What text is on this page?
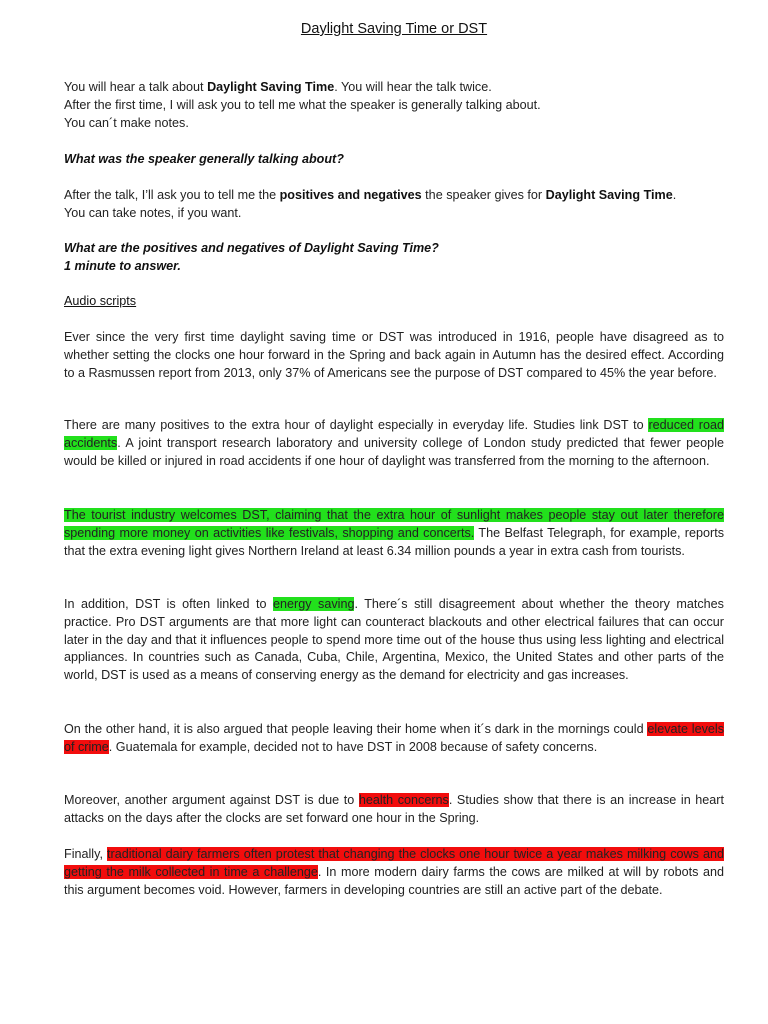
Daylight Saving Time or DST
You will hear a talk about Daylight Saving Time. You will hear the talk twice.
After the first time, I will ask you to tell me what the speaker is generally talking about.
You can´t make notes.
What was the speaker generally talking about?
After the talk, I’ll ask you to tell me the positives and negatives the speaker gives for Daylight Saving Time.
You can take notes, if you want.
What are the positives and negatives of Daylight Saving Time?
1 minute to answer.
Audio scripts
Ever since the very first time daylight saving time or DST was introduced in 1916, people have disagreed as to whether setting the clocks one hour forward in the Spring and back again in Autumn has the desired effect. According to a Rasmussen report from 2013, only 37% of Americans see the purpose of DST compared to 45% the year before.
There are many positives to the extra hour of daylight especially in everyday life. Studies link DST to reduced road accidents. A joint transport research laboratory and university college of London study predicted that fewer people would be killed or injured in road accidents if one hour of daylight was transferred from the morning to the afternoon.
The tourist industry welcomes DST, claiming that the extra hour of sunlight makes people stay out later therefore spending more money on activities like festivals, shopping and concerts. The Belfast Telegraph, for example, reports that the extra evening light gives Northern Ireland at least 6.34 million pounds a year in extra cash from tourists.
In addition, DST is often linked to energy saving. There´s still disagreement about whether the theory matches practice. Pro DST arguments are that more light can counteract blackouts and other electrical failures that can occur later in the day and that it influences people to spend more time out of the house thus using less lighting and electrical appliances. In countries such as Canada, Cuba, Chile, Argentina, Mexico, the United States and other parts of the world, DST is used as a means of conserving energy as the demand for electricity and gas increases.
On the other hand, it is also argued that people leaving their home when it´s dark in the mornings could elevate levels of crime. Guatemala for example, decided not to have DST in 2008 because of safety concerns.
Moreover, another argument against DST is due to health concerns. Studies show that there is an increase in heart attacks on the days after the clocks are set forward one hour in the Spring.
Finally, traditional dairy farmers often protest that changing the clocks one hour twice a year makes milking cows and getting the milk collected in time a challenge. In more modern dairy farms the cows are milked at will by robots and this argument becomes void. However, farmers in developing countries are still an active part of the debate.
